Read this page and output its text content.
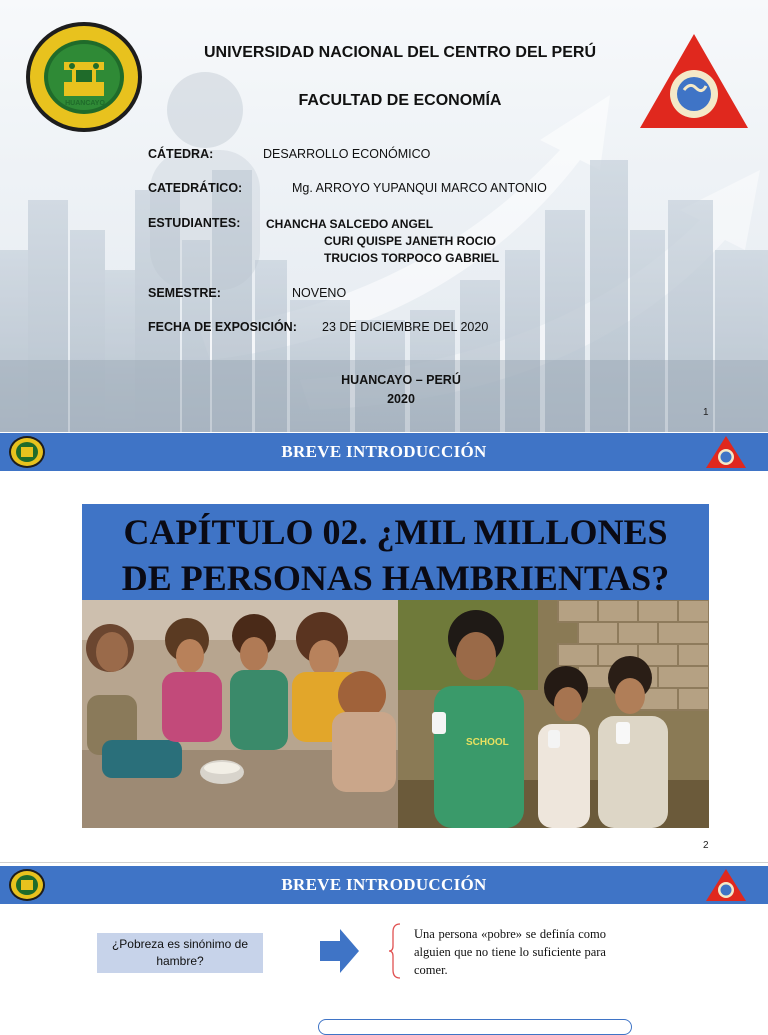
HUANCAYO
UNIVERSIDAD NACIONAL DEL CENTRO DEL PERÚ
FACULTAD DE ECONOMÍA
CÁTEDRA:	DESARROLLO ECONÓMICO
CATEDRÁTICO:	Mg. ARROYO YUPANQUI MARCO ANTONIO
ESTUDIANTES: CHANCHA SALCEDO ANGEL
CURI QUISPE JANETH ROCIO
TRUCIOS TORPOCO GABRIEL
SEMESTRE:	NOVENO
FECHA DE EXPOSICIÓN: 23 DE DICIEMBRE DEL 2020
HUANCAYO – PERÚ
2020
1
BREVE INTRODUCCIÓN
CAPÍTULO 02. ¿MIL MILLONES
DE PERSONAS HAMBRIENTAS?
SCHOOL
2
BREVE INTRODUCCIÓN
¿Pobreza es sinónimo de hambre?
Una persona «pobre» se definía como alguien que no tiene lo suficiente para comer.
